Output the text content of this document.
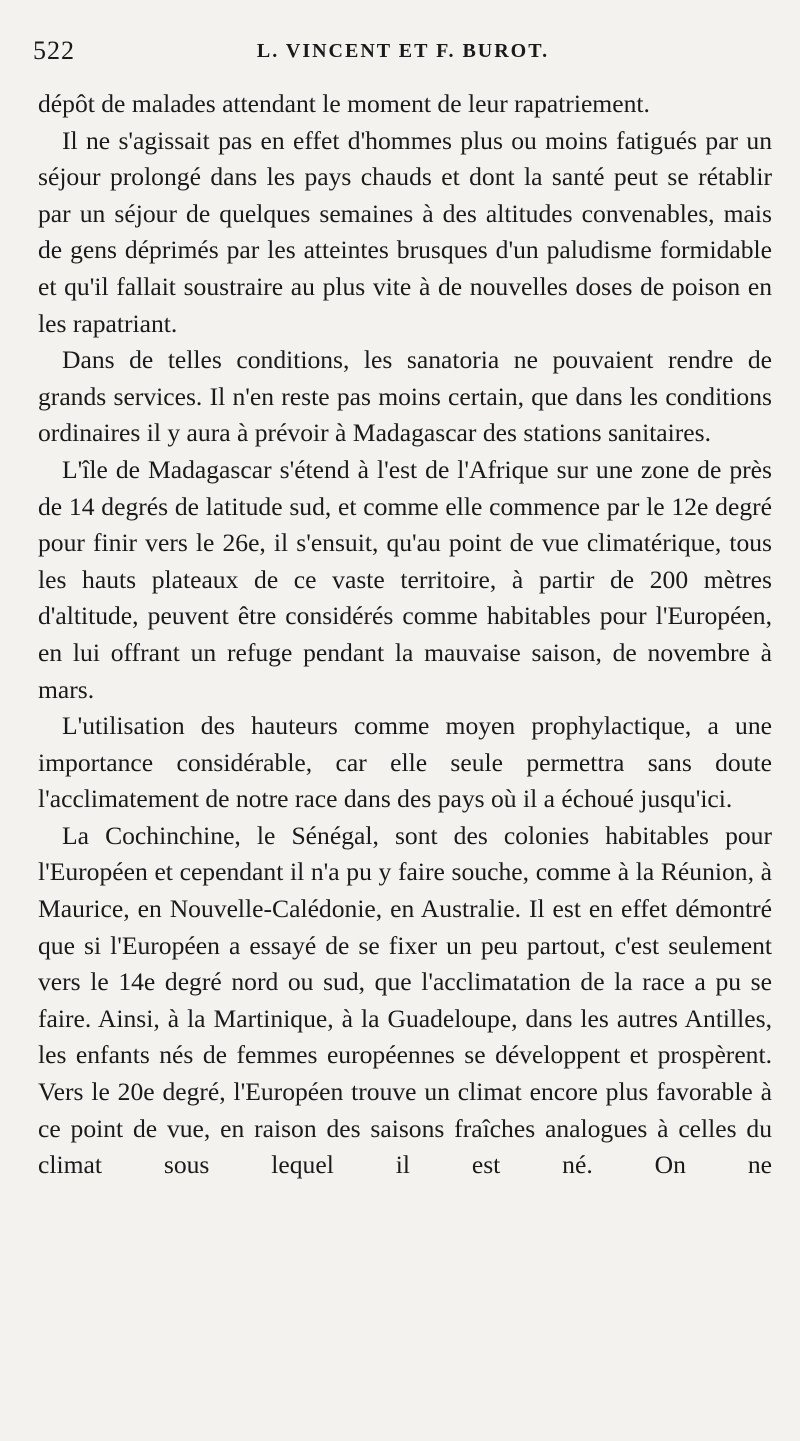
522	L. VINCENT ET F. BUROT.

dépôt de malades attendant le moment de leur rapatriement.

Il ne s'agissait pas en effet d'hommes plus ou moins fatigués par un séjour prolongé dans les pays chauds et dont la santé peut se rétablir par un séjour de quelques semaines à des altitudes convenables, mais de gens déprimés par les atteintes brusques d'un paludisme formidable et qu'il fallait soustraire au plus vite à de nouvelles doses de poison en les rapatriant.

Dans de telles conditions, les sanatoria ne pouvaient rendre de grands services. Il n'en reste pas moins certain, que dans les conditions ordinaires il y aura à prévoir à Madagascar des stations sanitaires.

L'île de Madagascar s'étend à l'est de l'Afrique sur une zone de près de 14 degrés de latitude sud, et comme elle commence par le 12e degré pour finir vers le 26e, il s'ensuit, qu'au point de vue climatérique, tous les hauts plateaux de ce vaste territoire, à partir de 200 mètres d'altitude, peuvent être considérés comme habitables pour l'Européen, en lui offrant un refuge pendant la mauvaise saison, de novembre à mars.

L'utilisation des hauteurs comme moyen prophylactique, a une importance considérable, car elle seule permettra sans doute l'acclimatement de notre race dans des pays où il a échoué jusqu'ici.

La Cochinchine, le Sénégal, sont des colonies habitables pour l'Européen et cependant il n'a pu y faire souche, comme à la Réunion, à Maurice, en Nouvelle-Calédonie, en Australie. Il est en effet démontré que si l'Européen a essayé de se fixer un peu partout, c'est seulement vers le 14e degré nord ou sud, que l'acclimatation de la race a pu se faire. Ainsi, à la Martinique, à la Guadeloupe, dans les autres Antilles, les enfants nés de femmes européennes se développent et prospèrent. Vers le 20e degré, l'Européen trouve un climat encore plus favorable à ce point de vue, en raison des saisons fraîches analogues à celles du climat sous lequel il est né. On ne
